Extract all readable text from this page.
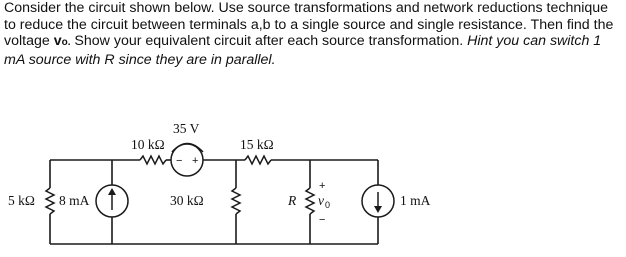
Consider the circuit shown below. Use source transformations and network reductions technique to reduce the circuit between terminals a,b to a single source and single resistance. Then find the voltage vo. Show your equivalent circuit after each source transformation. Hint you can switch 1 mA source with R since they are in parallel.
35 V
− +
10 kΩ	15 kΩ
5 kΩ 8 mA	30 kΩ	R
+
v 0
−
1 mA
